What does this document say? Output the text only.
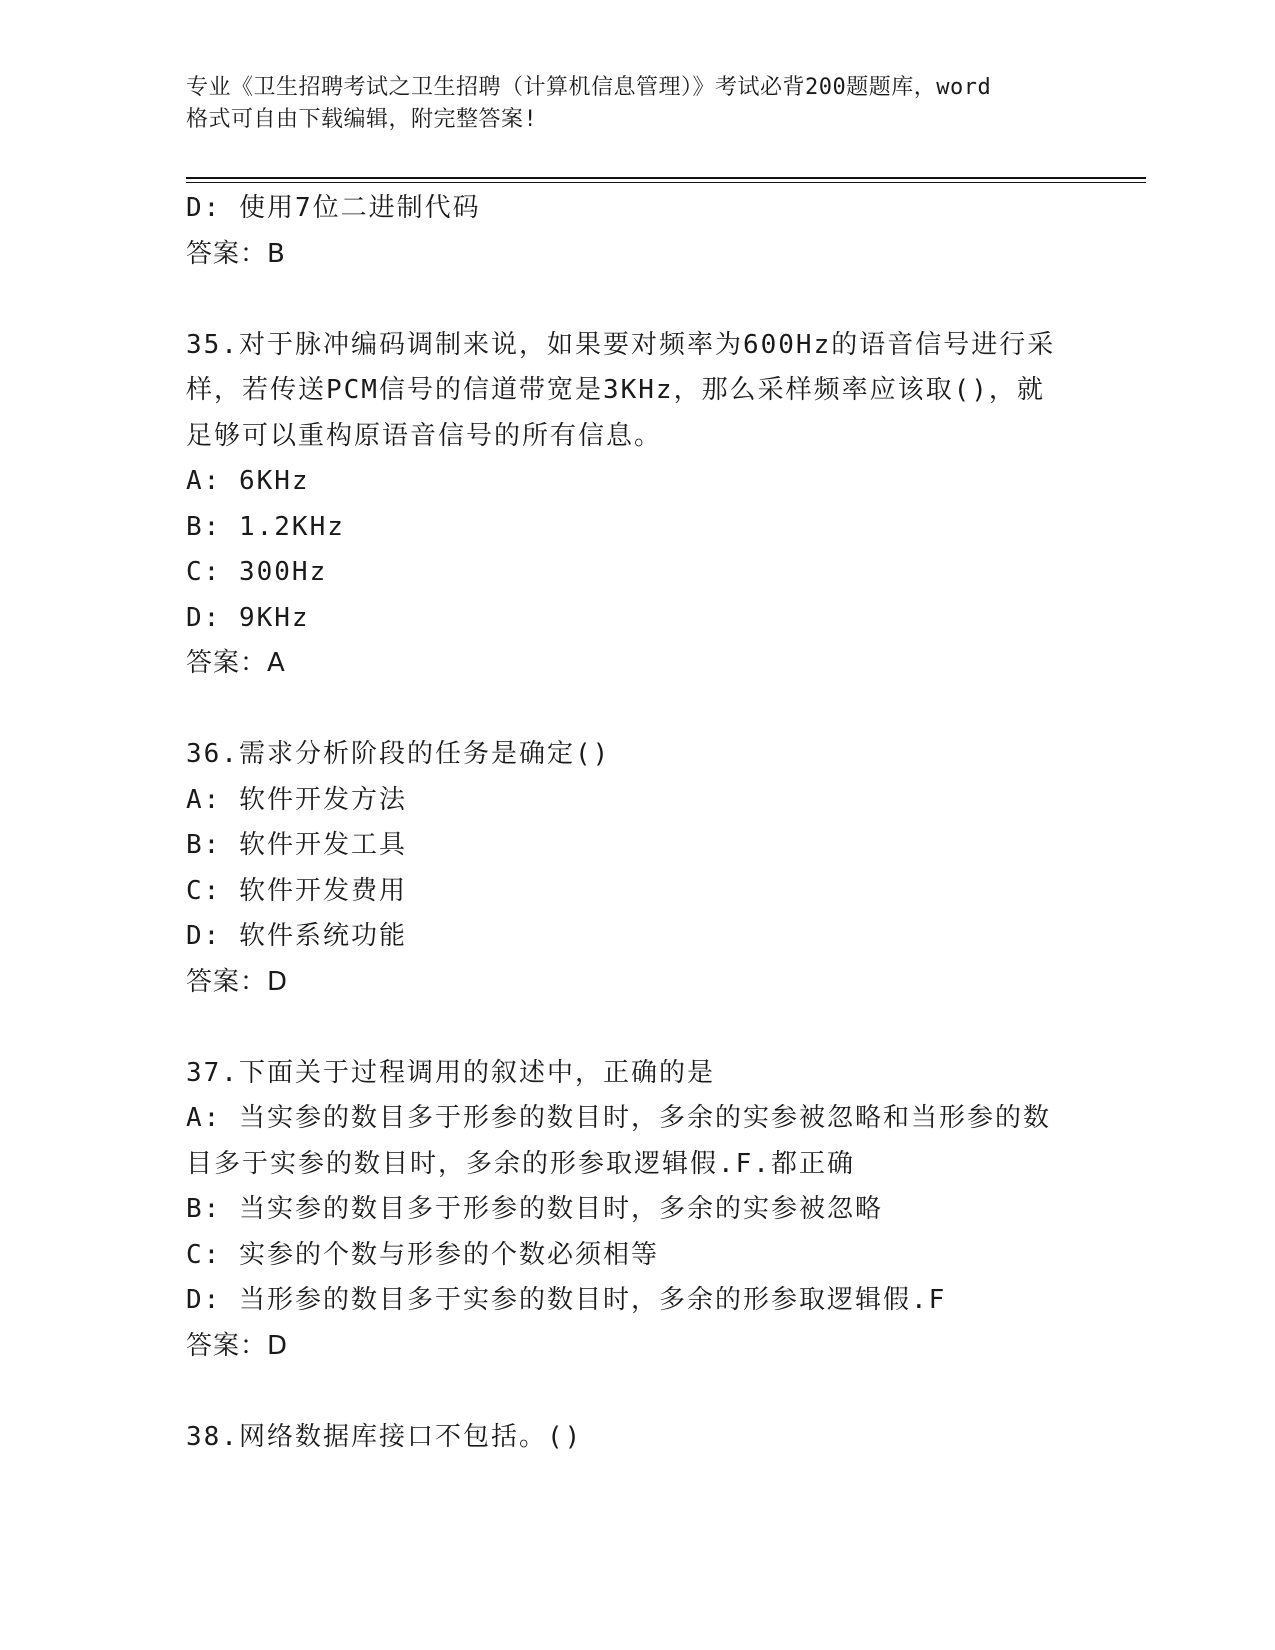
专业《卫生招聘考试之卫生招聘（计算机信息管理）》考试必背200题题库，word
格式可自由下载编辑，附完整答案!
D: 使用7位二进制代码
答案：B
35.对于脉冲编码调制来说，如果要对频率为600Hz的语音信号进行采
样，若传送PCM信号的信道带宽是3KHz，那么采样频率应该取()，就
足够可以重构原语音信号的所有信息。
A: 6KHz
B: 1.2KHz
C: 300Hz
D: 9KHz
答案：A
36.需求分析阶段的任务是确定()
A: 软件开发方法
B: 软件开发工具
C: 软件开发费用
D: 软件系统功能
答案：D
37.下面关于过程调用的叙述中，正确的是
A: 当实参的数目多于形参的数目时，多余的实参被忽略和当形参的数
目多于实参的数目时，多余的形参取逻辑假.F.都正确
B: 当实参的数目多于形参的数目时，多余的实参被忽略
C: 实参的个数与形参的个数必须相等
D: 当形参的数目多于实参的数目时，多余的形参取逻辑假.F
答案：D
38.网络数据库接口不包括。()
